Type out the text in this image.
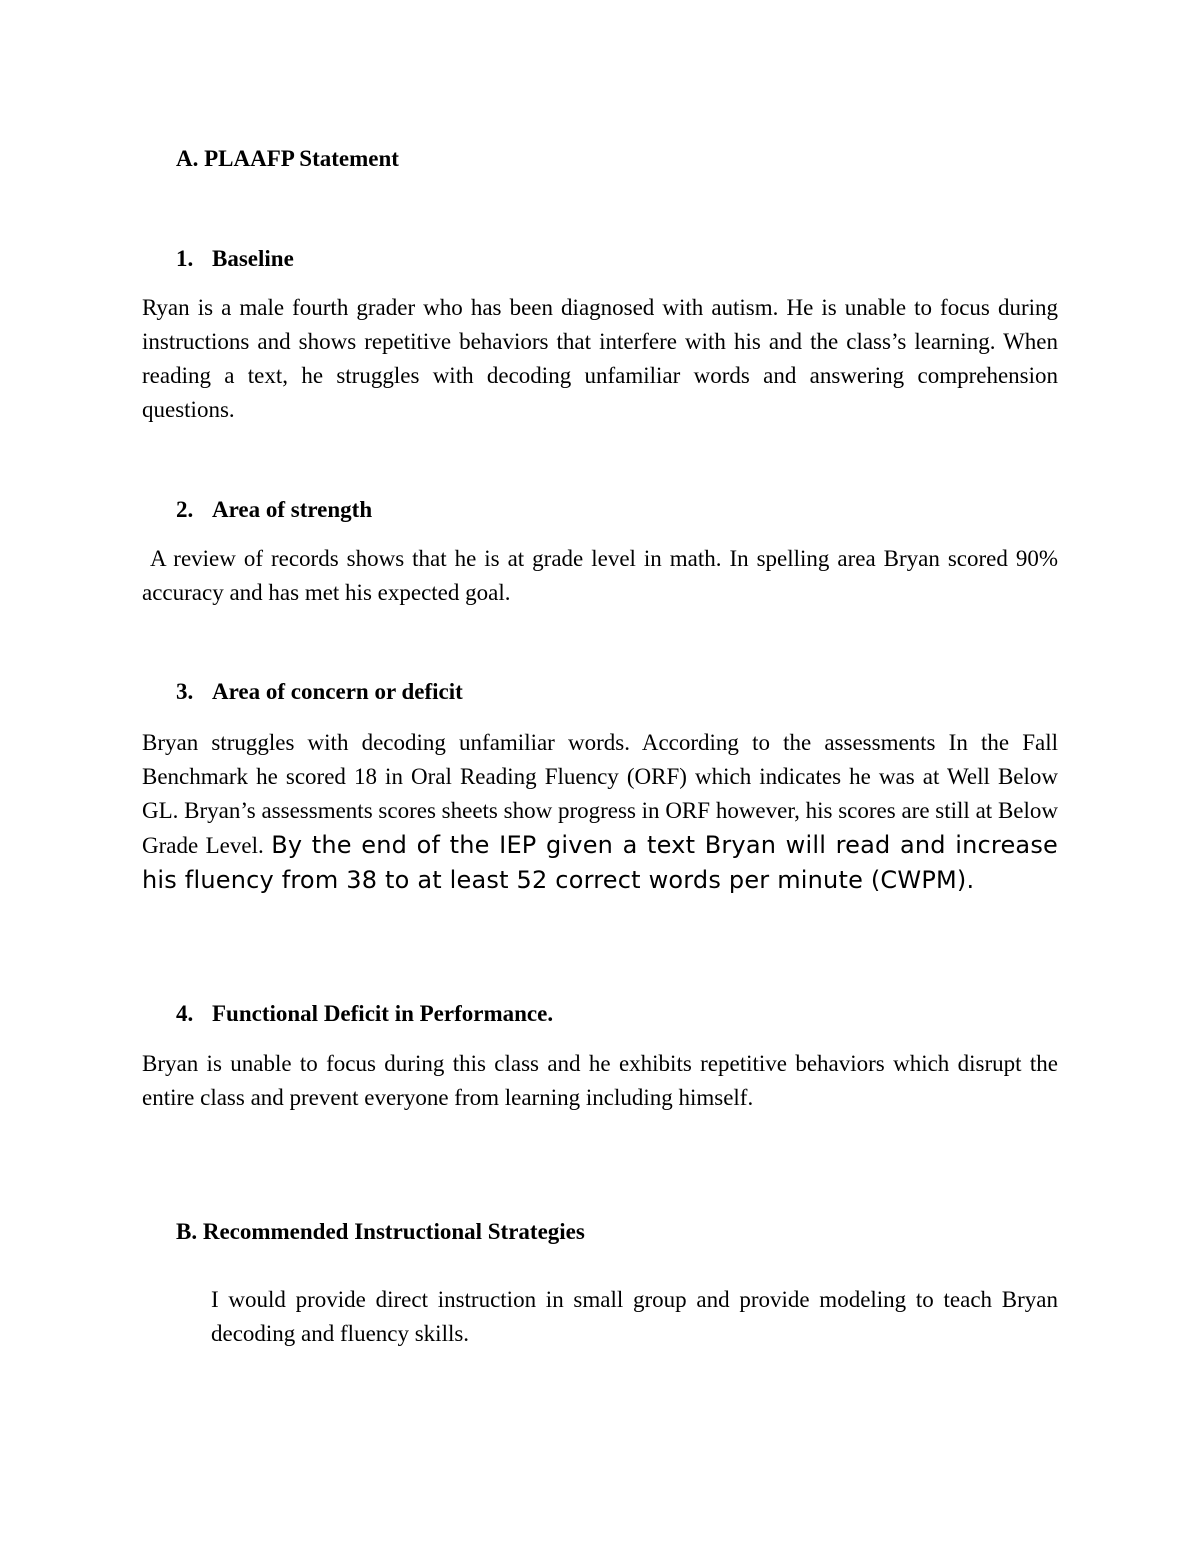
A. PLAAFP Statement
1. Baseline
Ryan is a male fourth grader who has been diagnosed with autism. He is unable to focus during instructions and shows repetitive behaviors that interfere with his and the class’s learning. When reading a text, he struggles with decoding unfamiliar words and answering comprehension questions.
2. Area of strength
A review of records shows that he is at grade level in math. In spelling area Bryan scored 90% accuracy and has met his expected goal.
3. Area of concern or deficit
Bryan struggles with decoding unfamiliar words. According to the assessments In the Fall Benchmark he scored 18 in Oral Reading Fluency (ORF) which indicates he was at Well Below GL. Bryan’s assessments scores sheets show progress in ORF however, his scores are still at Below Grade Level. By the end of the IEP given a text Bryan will read and increase his fluency from 38 to at least 52 correct words per minute (CWPM).
4. Functional Deficit in Performance.
Bryan is unable to focus during this class and he exhibits repetitive behaviors which disrupt the entire class and prevent everyone from learning including himself.
B. Recommended Instructional Strategies
I would provide direct instruction in small group and provide modeling to teach Bryan decoding and fluency skills.
